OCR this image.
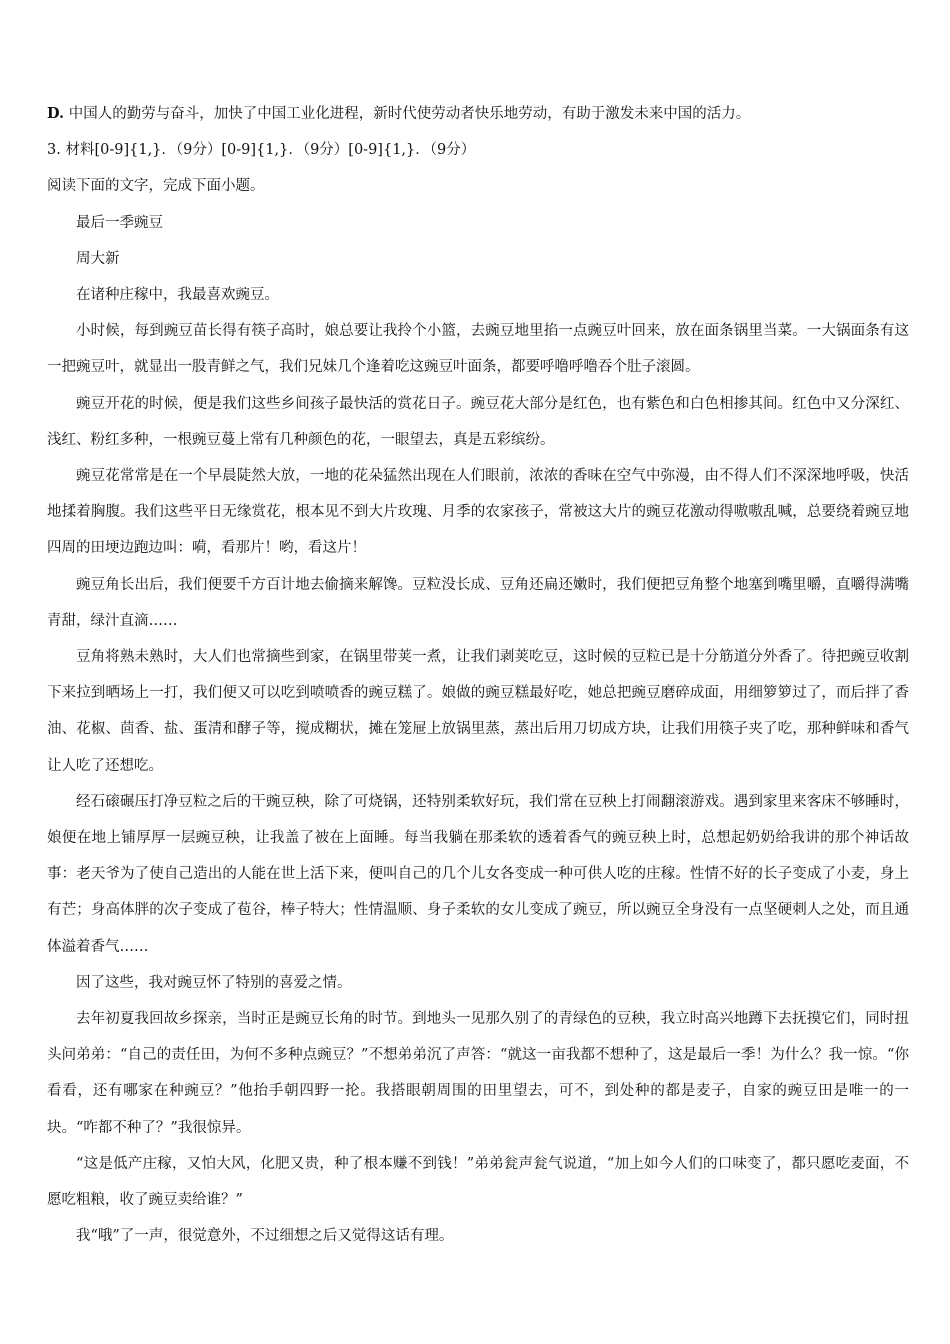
D. 中国人的勤劳与奋斗，加快了中国工业化进程，新时代使劳动者快乐地劳动，有助于激发未来中国的活力。

3. 材料[0-9]{1,}．（9分）[0-9]{1,}．（9分）[0-9]{1,}．（9分）

阅读下面的文字，完成下面小题。

最后一季豌豆

周大新

在诸种庄稼中，我最喜欢豌豆。

小时候，每到豌豆苗长得有筷子高时，娘总要让我拎个小篮，去豌豆地里掐一点豌豆叶回来，放在面条锅里当菜。一大锅面条有这一把豌豆叶，就显出一股青鲜之气，我们兄妹几个逢着吃这豌豆叶面条，都要呼噜呼噜吞个肚子滚圆。

豌豆开花的时候，便是我们这些乡间孩子最快活的赏花日子。豌豆花大部分是红色，也有紫色和白色相掺其间。红色中又分深红、浅红、粉红多种，一根豌豆蔓上常有几种颜色的花，一眼望去，真是五彩缤纷。

豌豆花常常是在一个早晨陡然大放，一地的花朵猛然出现在人们眼前，浓浓的香味在空气中弥漫，由不得人们不深深地呼吸，快活地揉着胸腹。我们这些平日无缘赏花，根本见不到大片玫瑰、月季的农家孩子，常被这大片的豌豆花激动得嗷嗷乱喊，总要绕着豌豆地四周的田埂边跑边叫：嗬，看那片！哟，看这片！

豌豆角长出后，我们便要千方百计地去偷摘来解馋。豆粒没长成、豆角还扁还嫩时，我们便把豆角整个地塞到嘴里嚼，直嚼得满嘴青甜，绿汁直滴……

豆角将熟未熟时，大人们也常摘些到家，在锅里带荚一煮，让我们剥荚吃豆，这时候的豆粒已是十分筋道分外香了。待把豌豆收割下来拉到晒场上一打，我们便又可以吃到喷喷香的豌豆糕了。娘做的豌豆糕最好吃，她总把豌豆磨碎成面，用细箩箩过了，而后拌了香油、花椒、茴香、盐、蛋清和酵子等，搅成糊状，摊在笼屉上放锅里蒸，蒸出后用刀切成方块，让我们用筷子夹了吃，那种鲜味和香气让人吃了还想吃。

经石磙碾压打净豆粒之后的干豌豆秧，除了可烧锅，还特别柔软好玩，我们常在豆秧上打闹翻滚游戏。遇到家里来客床不够睡时，娘便在地上铺厚厚一层豌豆秧，让我盖了被在上面睡。每当我躺在那柔软的透着香气的豌豆秧上时，总想起奶奶给我讲的那个神话故事：老天爷为了使自己造出的人能在世上活下来，便叫自己的几个儿女各变成一种可供人吃的庄稼。性情不好的长子变成了小麦，身上有芒；身高体胖的次子变成了苞谷，棒子特大；性情温顺、身子柔软的女儿变成了豌豆，所以豌豆全身没有一点坚硬刺人之处，而且通体溢着香气……

因了这些，我对豌豆怀了特别的喜爱之情。

去年初夏我回故乡探亲，当时正是豌豆长角的时节。到地头一见那久别了的青绿色的豆秧，我立时高兴地蹲下去抚摸它们，同时扭头问弟弟：“自己的责任田，为何不多种点豌豆？”不想弟弟沉了声答：“就这一亩我都不想种了，这是最后一季！为什么？我一惊。“你看看，还有哪家在种豌豆？”他抬手朝四野一抡。我搭眼朝周围的田里望去，可不，到处种的都是麦子，自家的豌豆田是唯一的一块。“咋都不种了？”我很惊异。

“这是低产庄稼，又怕大风，化肥又贵，种了根本赚不到钱！”弟弟瓮声瓮气说道，“加上如今人们的口味变了，都只愿吃麦面，不愿吃粗粮，收了豌豆卖给谁？”

我“哦”了一声，很觉意外，不过细想之后又觉得这话有理。
